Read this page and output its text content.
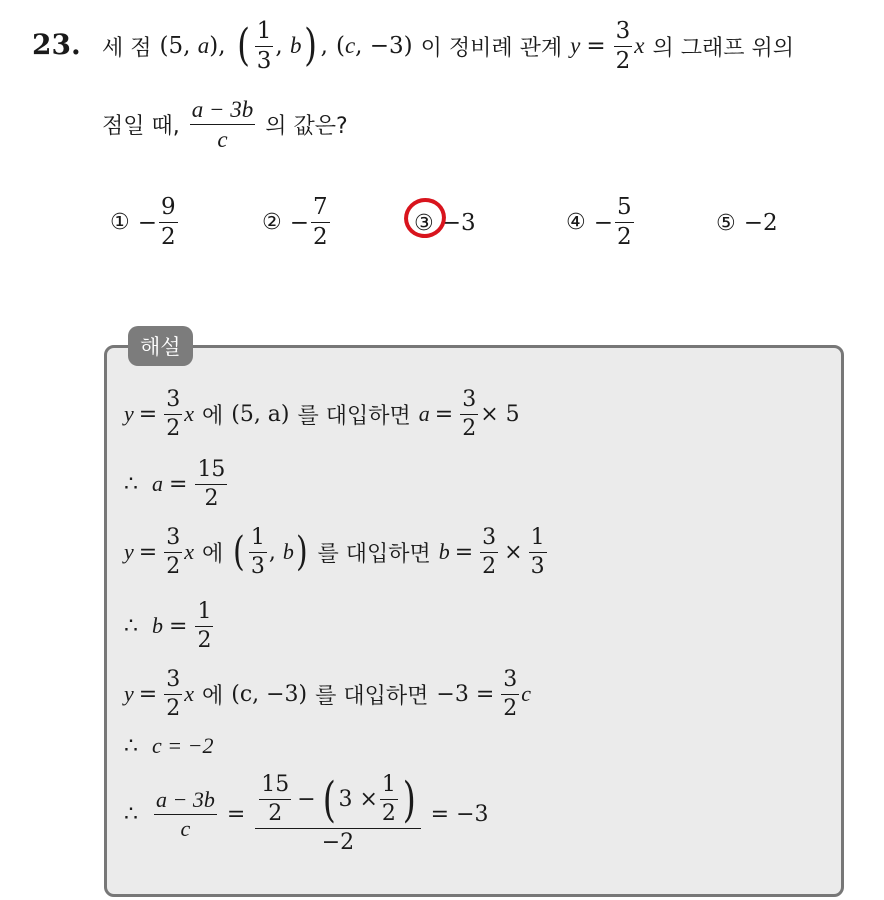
23. 세 점 (5, a), ( $\frac{1}{3}$ , b ) , (c, −3) 이 정비례 관계 $y = \frac{3}{2}$ x 의 그래프 위의
점일 때, $\frac{a - 3b}{c}$ 의 값은?
① − $\frac{9}{2}$	② − $\frac{7}{2}$	③ −3	④ − $\frac{5}{2}$	⑤ −2
해설
$y = \frac{3}{2}$ x 에 (5, a) 를 대입하면 $a = \frac{3}{2} \times 5$
∴ $a = \frac{15}{2}$
$y = \frac{3}{2}$ x 에 ( $\frac{1}{3}$ , b ) 를 대입하면 $b = \frac{3}{2} \times \frac{1}{3}$
∴ $b = \frac{1}{2}$
$y = \frac{3}{2}$ x 에 (c, −3) 를 대입하면 $-3 = \frac{3}{2}$ c
∴ c = −2
∴ $\frac{a - 3b}{c} = \frac{\frac{15}{2} - ( 3 \times \frac{1}{2} )}{-2} = -3$
